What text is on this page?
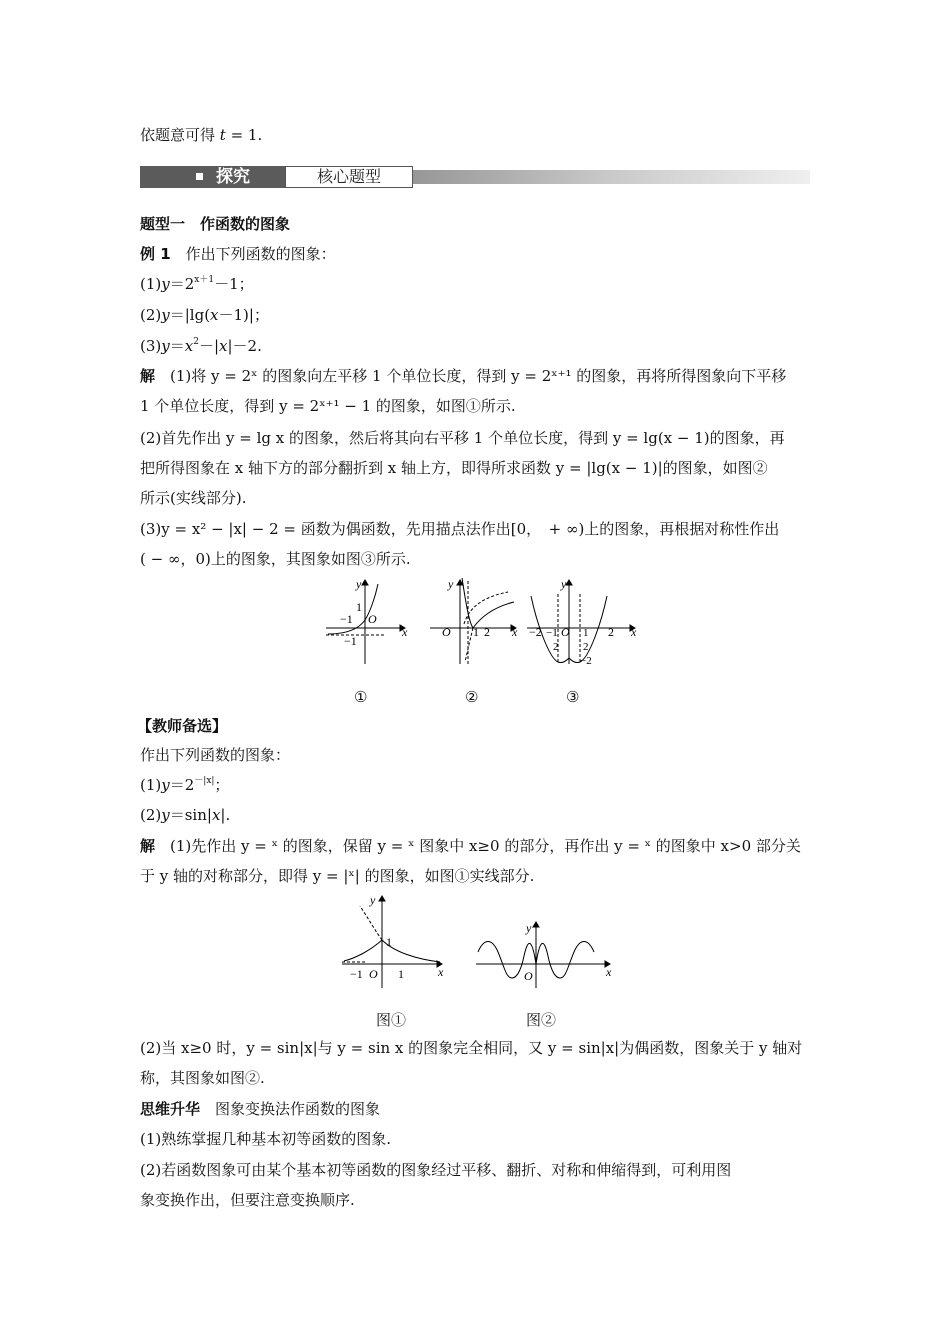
依题意可得 t = 1.
探究	核心题型
题型一　作函数的图象
例 1　作出下列函数的图象：
$(1)y=2^{x+1}-1$；
(2)y＝|lg(x－1)|；
$(3)y=x^2-|x|-2$.
解　(1)将 y = 2ˣ 的图象向左平移 1 个单位长度，得到 y = 2ˣ⁺¹ 的图象，再将所得图象向下平移
1 个单位长度，得到 y = 2ˣ⁺¹ − 1 的图象，如图①所示.
(2)首先作出 y = lg x 的图象，然后将其向右平移 1 个单位长度，得到 y = lg(x − 1)的图象，再
把所得图象在 x 轴下方的部分翻折到 x 轴上方，即得所求函数 y = |lg(x − 1)|的图象，如图②
所示(实线部分).
(3)y = x² − |x| − 2 = 函数为偶函数，先用描点法作出[0，　+ ∞)上的图象，再根据对称性作出
( − ∞，0)上的图象，其图象如图③所示.
y
x
O
−1
1
−1
y
x
O 1 2
y
x
O
−2	2
−1
2
1
2
−2
①	②	③
【教师备选】
作出下列函数的图象：
$(1)y=2^{-|x|}$；
(2)y＝sin|x|.
解　(1)先作出 y = ˣ 的图象，保留 y = ˣ 图象中 x≥0 的部分，再作出 y = ˣ 的图象中 x>0 部分关
于 y 轴的对称部分，即得 y = |ˣ| 的图象，如图①实线部分.
y
x
O
1
−1	1
y
x
O
图①	图②
(2)当 x≥0 时，y = sin|x|与 y = sin x 的图象完全相同，又 y = sin|x|为偶函数，图象关于 y 轴对
称，其图象如图②.
思维升华　图象变换法作函数的图象
(1)熟练掌握几种基本初等函数的图象.
(2)若函数图象可由某个基本初等函数的图象经过平移、翻折、对称和伸缩得到，可利用图
象变换作出，但要注意变换顺序.
